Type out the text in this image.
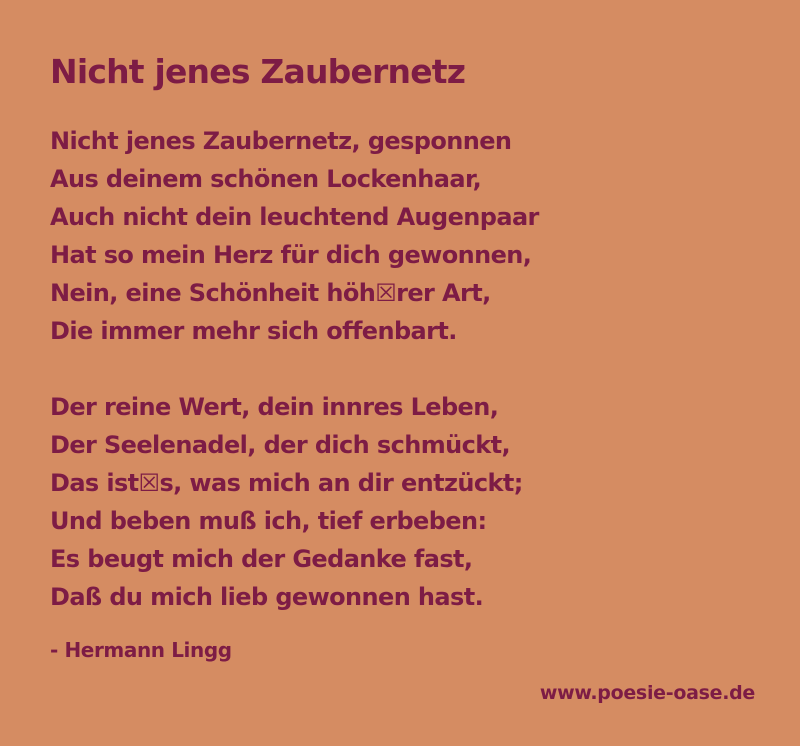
Nicht jenes Zaubernetz
Nicht jenes Zaubernetz, gesponnen
Aus deinem schönen Lockenhaar,
Auch nicht dein leuchtend Augenpaar
Hat so mein Herz für dich gewonnen,
Nein, eine Schönheit höh☒rer Art,
Die immer mehr sich offenbart.
Der reine Wert, dein innres Leben,
Der Seelenadel, der dich schmückt,
Das ist☒s, was mich an dir entzückt;
Und beben muß ich, tief erbeben:
Es beugt mich der Gedanke fast,
Daß du mich lieb gewonnen hast.
- Hermann Lingg
www.poesie-oase.de
